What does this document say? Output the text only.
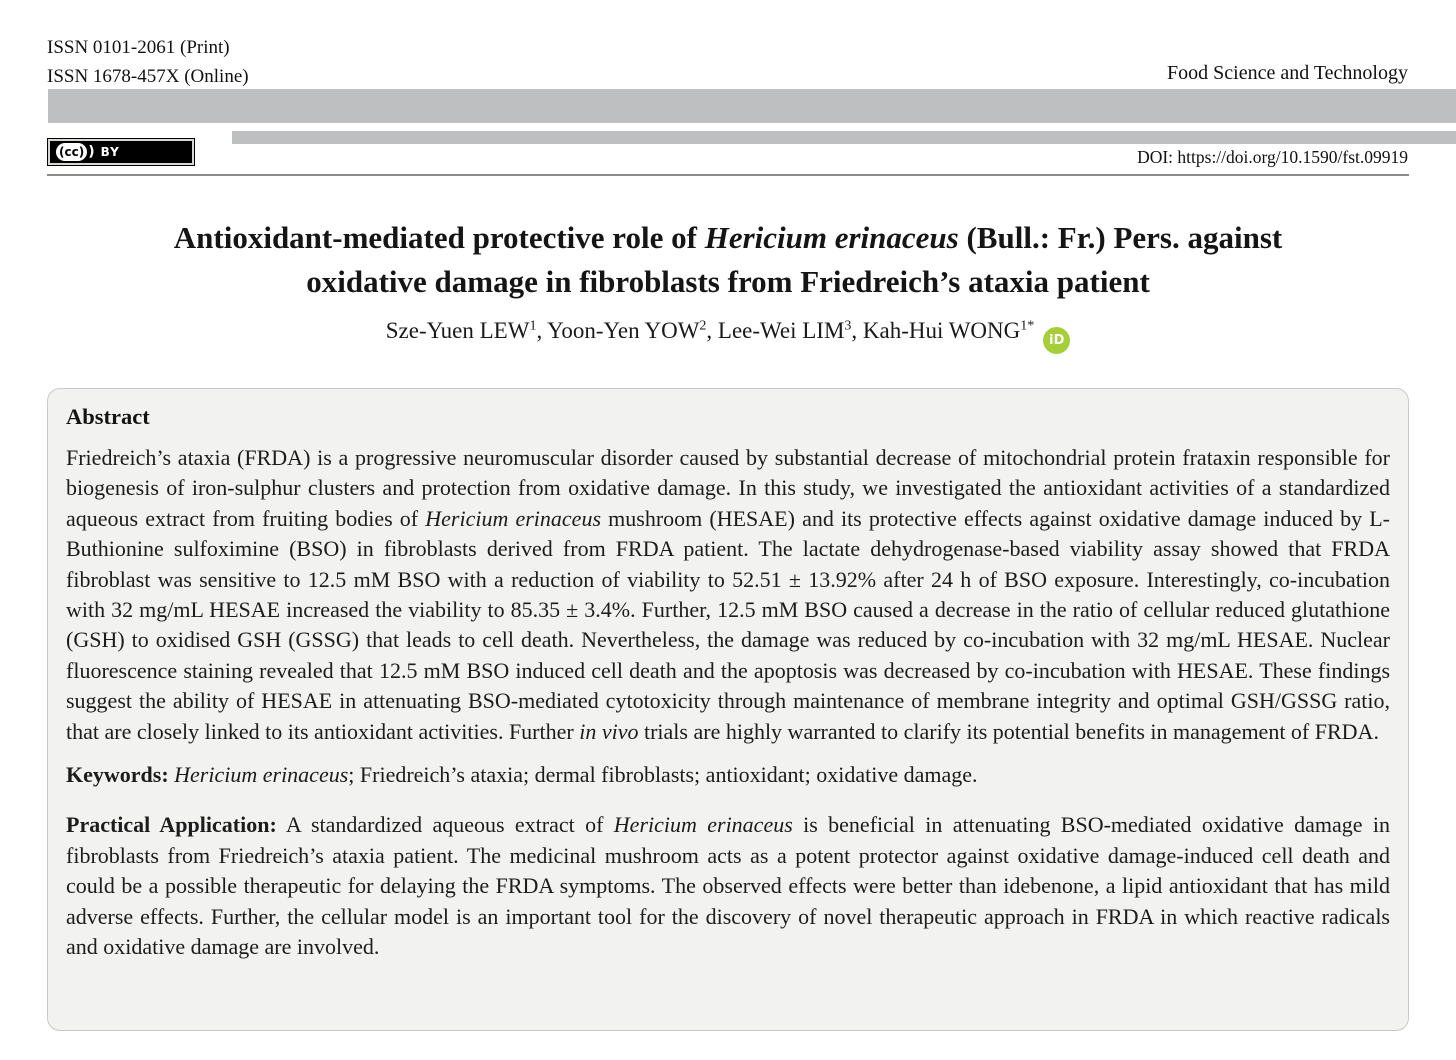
ISSN 0101-2061 (Print)
ISSN 1678-457X (Online)	Food Science and Technology
(cc) ) BY	DOI: https://doi.org/10.1590/fst.09919
Antioxidant-mediated protective role of Hericium erinaceus (Bull.: Fr.) Pers. against
oxidative damage in fibroblasts from Friedreich’s ataxia patient
Sze-Yuen LEW$^1$, Yoon-Yen YOW$^2$, Lee-Wei LIM$^3$, Kah-Hui $WONG^{1*}iD$
Abstract

Friedreich’s ataxia (FRDA) is a progressive neuromuscular disorder caused by substantial decrease of mitochondrial protein frataxin responsible for biogenesis of iron-sulphur clusters and protection from oxidative damage. In this study, we investigated the antioxidant activities of a standardized aqueous extract from fruiting bodies of Hericium erinaceus mushroom (HESAE) and its protective effects against oxidative damage induced by L-Buthionine sulfoximine (BSO) in fibroblasts derived from FRDA patient. The lactate dehydrogenase-based viability assay showed that FRDA fibroblast was sensitive to 12.5 mM BSO with a reduction of viability to 52.51 ± 13.92% after 24 h of BSO exposure. Interestingly, co-incubation with 32 mg/mL HESAE increased the viability to 85.35 ± 3.4%. Further, 12.5 mM BSO caused a decrease in the ratio of cellular reduced glutathione (GSH) to oxidised GSH (GSSG) that leads to cell death. Nevertheless, the damage was reduced by co-incubation with 32 mg/mL HESAE. Nuclear fluorescence staining revealed that 12.5 mM BSO induced cell death and the apoptosis was decreased by co-incubation with HESAE. These findings suggest the ability of HESAE in attenuating BSO-mediated cytotoxicity through maintenance of membrane integrity and optimal GSH/GSSG ratio, that are closely linked to its antioxidant activities. Further in vivo trials are highly warranted to clarify its potential benefits in management of FRDA.

Keywords: Hericium erinaceus; Friedreich’s ataxia; dermal fibroblasts; antioxidant; oxidative damage.

Practical Application: A standardized aqueous extract of Hericium erinaceus is beneficial in attenuating BSO-mediated oxidative damage in fibroblasts from Friedreich’s ataxia patient. The medicinal mushroom acts as a potent protector against oxidative damage-induced cell death and could be a possible therapeutic for delaying the FRDA symptoms. The observed effects were better than idebenone, a lipid antioxidant that has mild adverse effects. Further, the cellular model is an important tool for the discovery of novel therapeutic approach in FRDA in which reactive radicals and oxidative damage are involved.
